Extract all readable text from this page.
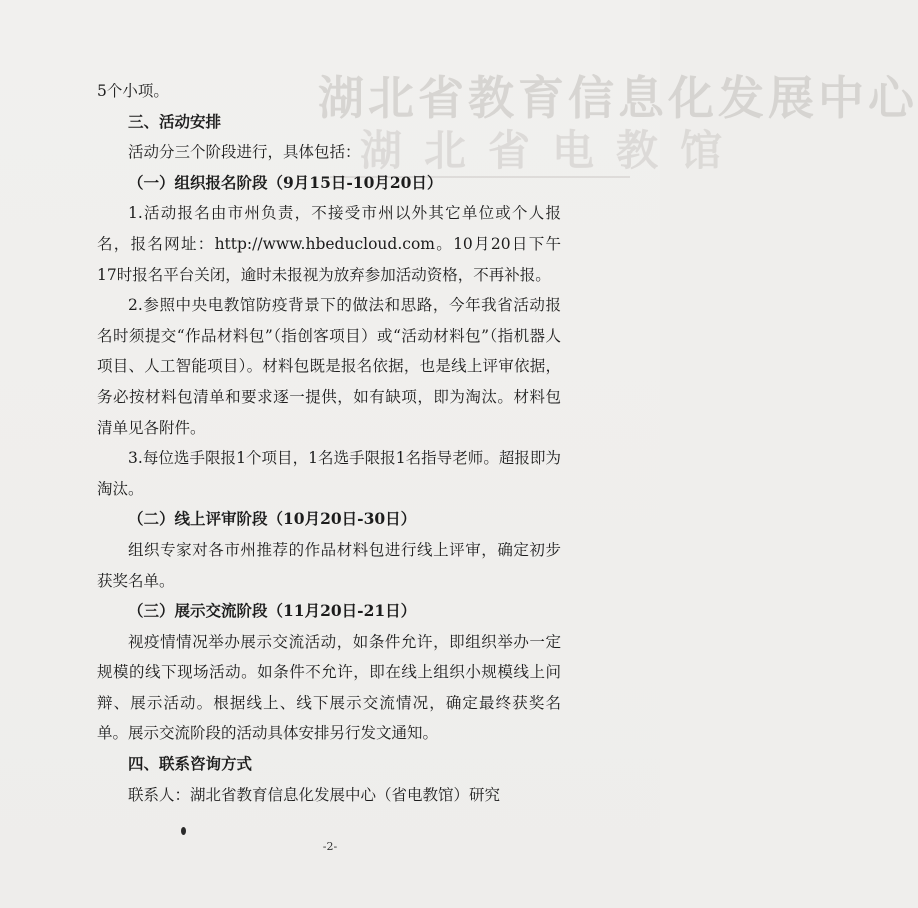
湖北省教育信息化发展中心
湖北省电教馆

5个小项。

三、活动安排

活动分三个阶段进行，具体包括：

（一）组织报名阶段（9月15日-10月20日）

1.活动报名由市州负责，不接受市州以外其它单位或个人报名，报名网址：http://www.hbeducloud.com。10月20日下午17时报名平台关闭，逾时未报视为放弃参加活动资格，不再补报。

2.参照中央电教馆防疫背景下的做法和思路，今年我省活动报名时须提交“作品材料包”（指创客项目）或“活动材料包”（指机器人项目、人工智能项目）。材料包既是报名依据，也是线上评审依据，务必按材料包清单和要求逐一提供，如有缺项，即为淘汰。材料包清单见各附件。

3.每位选手限报1个项目，1名选手限报1名指导老师。超报即为淘汰。

（二）线上评审阶段（10月20日-30日）

组织专家对各市州推荐的作品材料包进行线上评审，确定初步获奖名单。

（三）展示交流阶段（11月20日-21日）

视疫情情况举办展示交流活动，如条件允许，即组织举办一定规模的线下现场活动。如条件不允许，即在线上组织小规模线上问辩、展示活动。根据线上、线下展示交流情况，确定最终获奖名单。展示交流阶段的活动具体安排另行发文通知。

四、联系咨询方式

联系人：湖北省教育信息化发展中心（省电教馆）研究

-2-
